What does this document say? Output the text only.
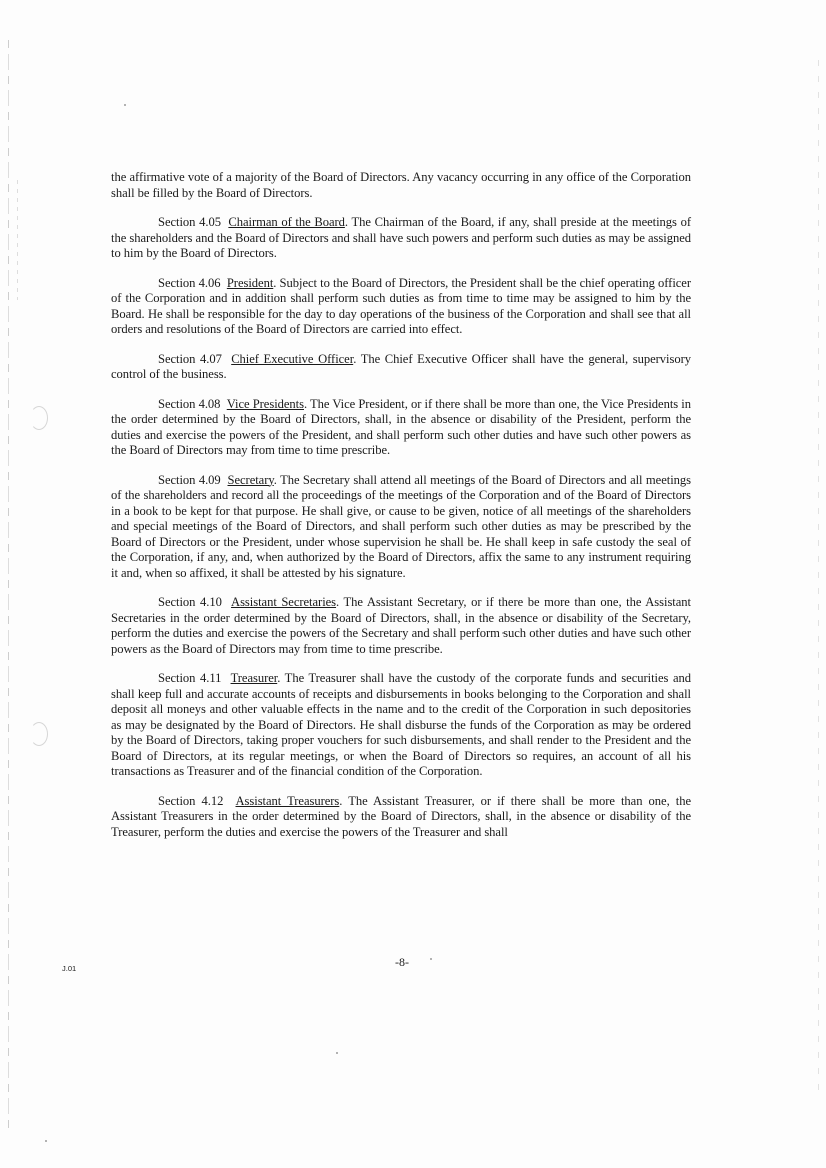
the affirmative vote of a majority of the Board of Directors. Any vacancy occurring in any office of the Corporation shall be filled by the Board of Directors.

Section 4.05 Chairman of the Board. The Chairman of the Board, if any, shall preside at the meetings of the shareholders and the Board of Directors and shall have such powers and perform such duties as may be assigned to him by the Board of Directors.

Section 4.06 President. Subject to the Board of Directors, the President shall be the chief operating officer of the Corporation and in addition shall perform such duties as from time to time may be assigned to him by the Board. He shall be responsible for the day to day operations of the business of the Corporation and shall see that all orders and resolutions of the Board of Directors are carried into effect.

Section 4.07 Chief Executive Officer. The Chief Executive Officer shall have the general, supervisory control of the business.

Section 4.08 Vice Presidents. The Vice President, or if there shall be more than one, the Vice Presidents in the order determined by the Board of Directors, shall, in the absence or disability of the President, perform the duties and exercise the powers of the President, and shall perform such other duties and have such other powers as the Board of Directors may from time to time prescribe.

Section 4.09 Secretary. The Secretary shall attend all meetings of the Board of Directors and all meetings of the shareholders and record all the proceedings of the meetings of the Corporation and of the Board of Directors in a book to be kept for that purpose. He shall give, or cause to be given, notice of all meetings of the shareholders and special meetings of the Board of Directors, and shall perform such other duties as may be prescribed by the Board of Directors or the President, under whose supervision he shall be. He shall keep in safe custody the seal of the Corporation, if any, and, when authorized by the Board of Directors, affix the same to any instrument requiring it and, when so affixed, it shall be attested by his signature.

Section 4.10 Assistant Secretaries. The Assistant Secretary, or if there be more than one, the Assistant Secretaries in the order determined by the Board of Directors, shall, in the absence or disability of the Secretary, perform the duties and exercise the powers of the Secretary and shall perform such other duties and have such other powers as the Board of Directors may from time to time prescribe.

Section 4.11 Treasurer. The Treasurer shall have the custody of the corporate funds and securities and shall keep full and accurate accounts of receipts and disbursements in books belonging to the Corporation and shall deposit all moneys and other valuable effects in the name and to the credit of the Corporation in such depositories as may be designated by the Board of Directors. He shall disburse the funds of the Corporation as may be ordered by the Board of Directors, taking proper vouchers for such disbursements, and shall render to the President and the Board of Directors, at its regular meetings, or when the Board of Directors so requires, an account of all his transactions as Treasurer and of the financial condition of the Corporation.

Section 4.12 Assistant Treasurers. The Assistant Treasurer, or if there shall be more than one, the Assistant Treasurers in the order determined by the Board of Directors, shall, in the absence or disability of the Treasurer, perform the duties and exercise the powers of the Treasurer and shall

J.01	-8-
